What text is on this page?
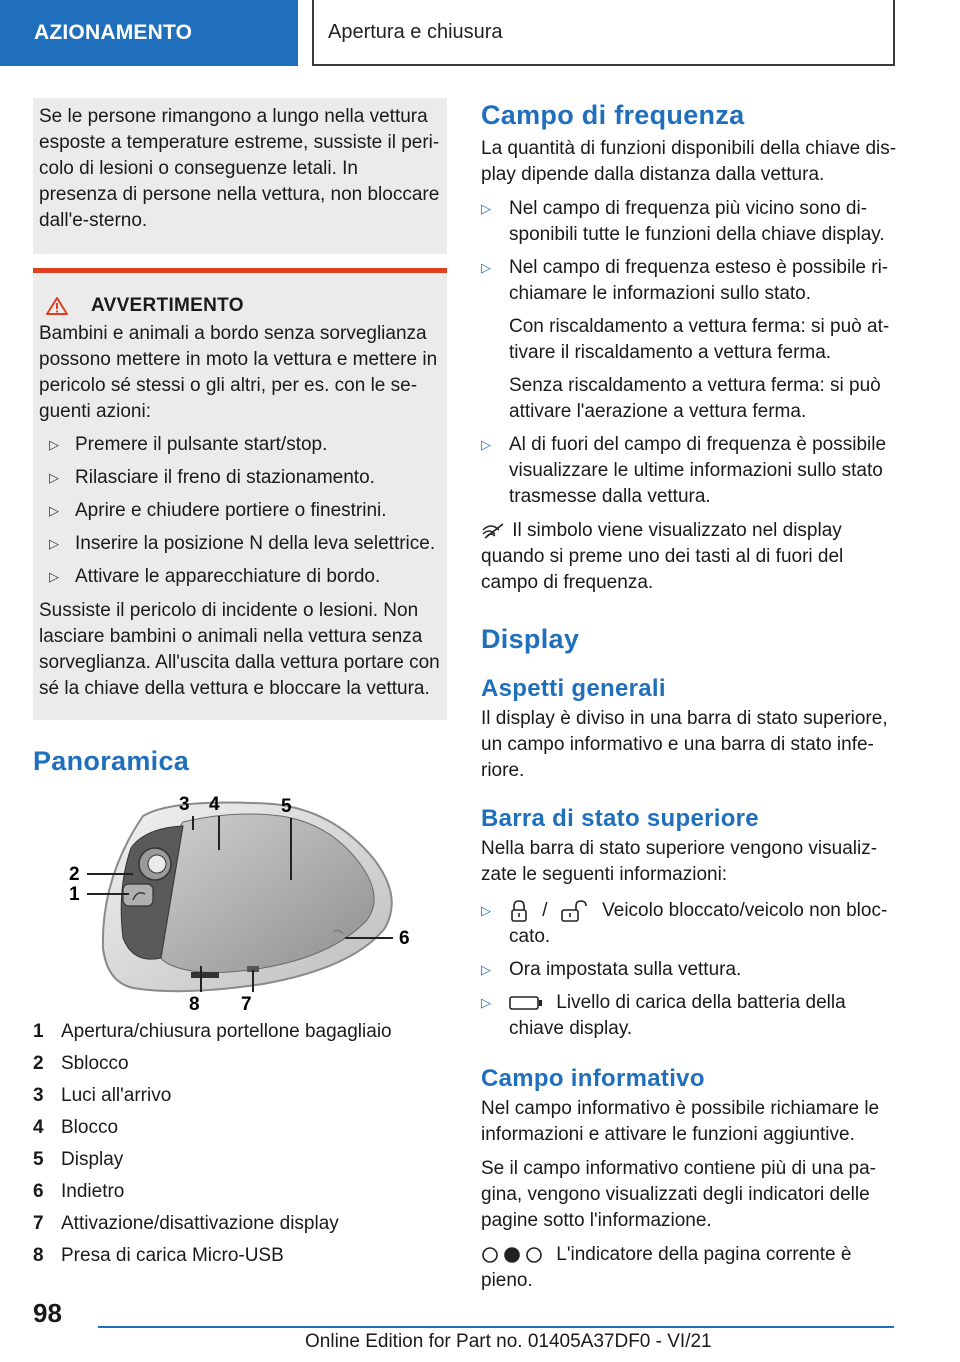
AZIONAMENTO	Apertura e chiusura

Se le persone rimangono a lungo nella vettura esposte a temperature estreme, sussiste il peri-colo di lesioni o conseguenze letali. In presenza di persone nella vettura, non bloccare dall'e-sterno.

AVVERTIMENTO

Bambini e animali a bordo senza sorveglianza possono mettere in moto la vettura e mettere in pericolo sé stessi o gli altri, per es. con le se-guenti azioni:

▷ Premere il pulsante start/stop.
▷ Rilasciare il freno di stazionamento.
▷ Aprire e chiudere portiere o finestrini.
▷ Inserire la posizione N della leva selettrice.
▷ Attivare le apparecchiature di bordo.

Sussiste il pericolo di incidente o lesioni. Non lasciare bambini o animali nella vettura senza sorveglianza. All'uscita dalla vettura portare con sé la chiave della vettura e bloccare la vettura.

Panoramica
1
2
3 4	5
6
7
8
1 Apertura/chiusura portellone bagagliaio
2 Sblocco
3 Luci all'arrivo
4 Blocco
5 Display
6 Indietro
7 Attivazione/disattivazione display
8 Presa di carica Micro-USB
Campo di frequenza

La quantità di funzioni disponibili della chiave dis-play dipende dalla distanza dalla vettura.

▷ Nel campo di frequenza più vicino sono di-sponibili tutte le funzioni della chiave display.
▷ Nel campo di frequenza esteso è possibile ri-chiamare le informazioni sullo stato.

Con riscaldamento a vettura ferma: si può at-tivare il riscaldamento a vettura ferma.

Senza riscaldamento a vettura ferma: si può attivare l'aerazione a vettura ferma.

▷ Al di fuori del campo di frequenza è possibile visualizzare le ultime informazioni sullo stato trasmesse dalla vettura.

Il simbolo viene visualizzato nel display quando si preme uno dei tasti al di fuori del campo di frequenza.

Display
Aspetti generali

Il display è diviso in una barra di stato superiore, un campo informativo e una barra di stato infe-riore.

Barra di stato superiore

Nella barra di stato superiore vengono visualiz-zate le seguenti informazioni:

▷	/	Veicolo bloccato/veicolo non bloc-cato.
▷ Ora impostata sulla vettura.
▷	Livello di carica della batteria della chiave display.
Campo informativo

Nel campo informativo è possibile richiamare le informazioni e attivare le funzioni aggiuntive.

Se il campo informativo contiene più di una pa-gina, vengono visualizzati degli indicatori delle pagine sotto l'informazione.

L'indicatore della pagina corrente è pieno.

98
Online Edition for Part no. 01405A37DF0 - VI/21
